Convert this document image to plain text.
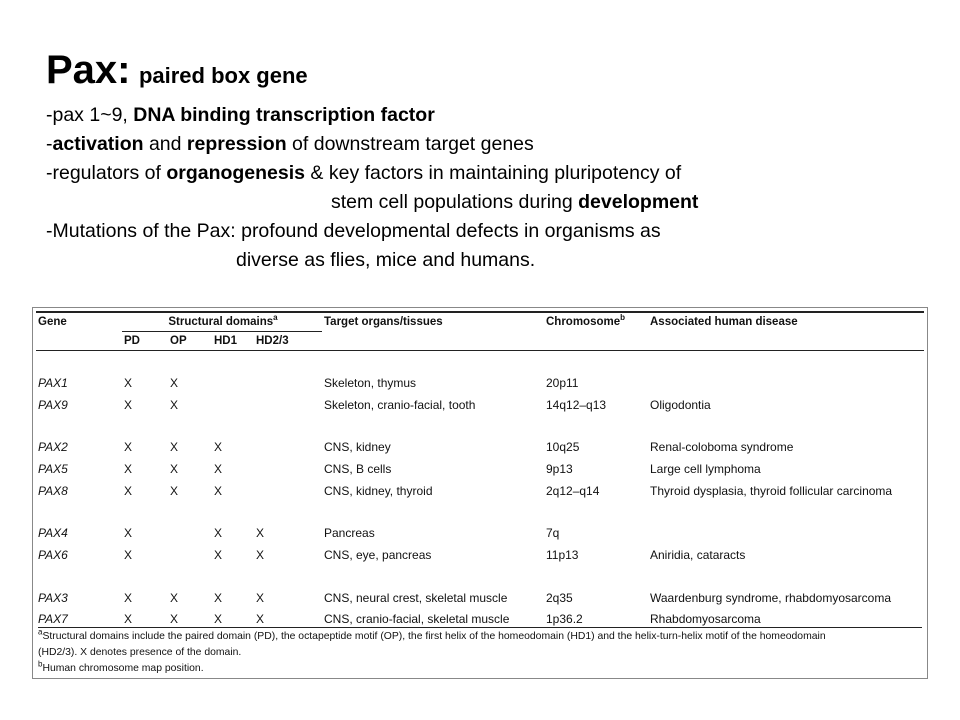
Pax: paired box gene

-pax 1~9, DNA binding transcription factor

-activation and repression of downstream target genes

-regulators of organogenesis & key factors in maintaining pluripotency of

stem cell populations during development

-Mutations of the Pax: profound developmental defects in organisms as

diverse as flies, mice and humans.

Gene	Structural domains$^a$				Target organs/tissues	Chromosome$^b$	Associated human disease
	PD	OP	HD1	HD2/3			

PAX1	X	X			Skeleton, thymus	20p11	
PAX9	X	X			Skeleton, cranio-facial, tooth	14q12–q13	Oligodontia

PAX2	X	X	X		CNS, kidney	10q25	Renal-coloboma syndrome
PAX5	X	X	X		CNS, B cells	9p13	Large cell lymphoma
PAX8	X	X	X		CNS, kidney, thyroid	2q12–q14	Thyroid dysplasia, thyroid follicular carcinoma

PAX4	X		X	X	Pancreas	7q	
PAX6	X		X	X	CNS, eye, pancreas	11p13	Aniridia, cataracts

PAX3	X	X	X	X	CNS, neural crest, skeletal muscle	2q35	Waardenburg syndrome, rhabdomyosarcoma
PAX7	X	X	X	X	CNS, cranio-facial, skeletal muscle	1p36.2	Rhabdomyosarcoma

$^a$Structural domains include the paired domain (PD), the octapeptide motif (OP), the first helix of the homeodomain (HD1) and the helix-turn-helix motif of the homeodomain

(HD2/3). X denotes presence of the domain.

$^b$Human chromosome map position.
